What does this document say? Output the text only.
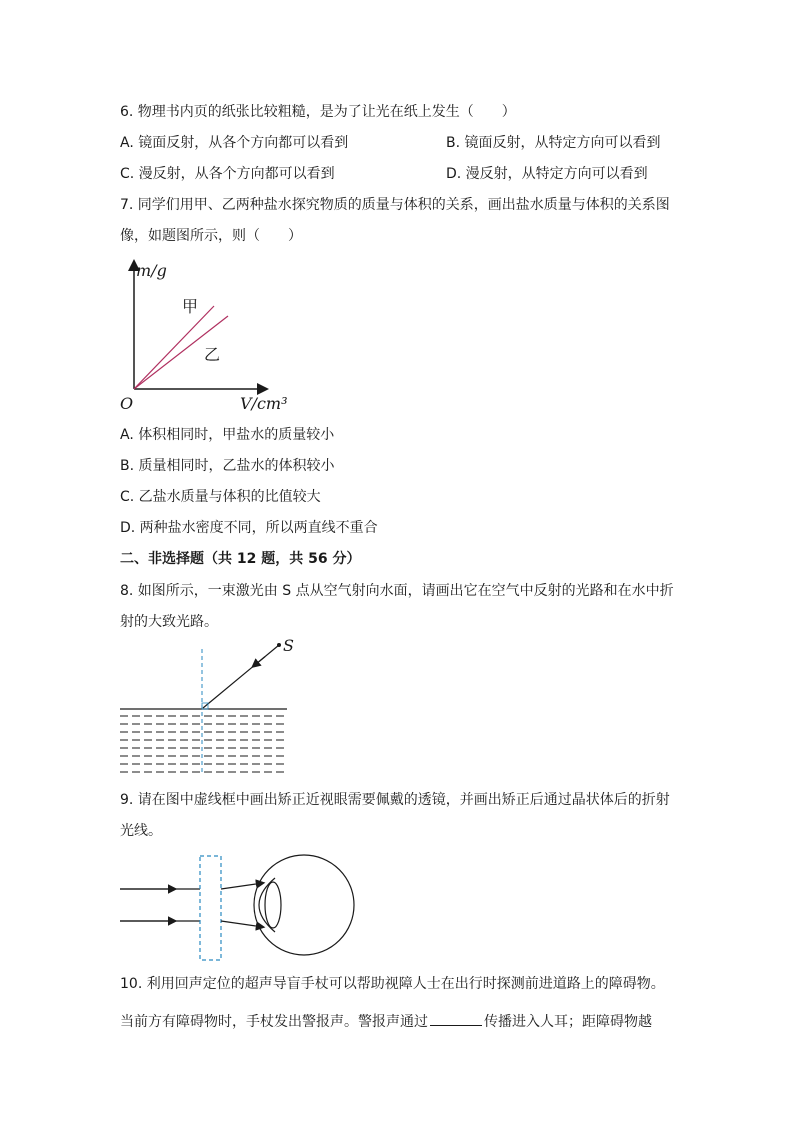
6. 物理书内页的纸张比较粗糙，是为了让光在纸上发生（　　）
A. 镜面反射，从各个方向都可以看到	B. 镜面反射，从特定方向可以看到
C. 漫反射，从各个方向都可以看到	D. 漫反射，从特定方向可以看到
7. 同学们用甲、乙两种盐水探究物质的质量与体积的关系，画出盐水质量与体积的关系图
像，如题图所示，则（　　）
m/g
甲
乙
O	V/cm³
A. 体积相同时，甲盐水的质量较小
B. 质量相同时，乙盐水的体积较小
C. 乙盐水质量与体积的比值较大
D. 两种盐水密度不同，所以两直线不重合
二、非选择题（共 12 题，共 56 分）
8. 如图所示，一束激光由 S 点从空气射向水面，请画出它在空气中反射的光路和在水中折
射的大致光路。
S
9. 请在图中虚线框中画出矫正近视眼需要佩戴的透镜，并画出矫正后通过晶状体后的折射
光线。
10. 利用回声定位的超声导盲手杖可以帮助视障人士在出行时探测前进道路上的障碍物。
当前方有障碍物时，手杖发出警报声。警报声通过	传播进入人耳；距障碍物越
